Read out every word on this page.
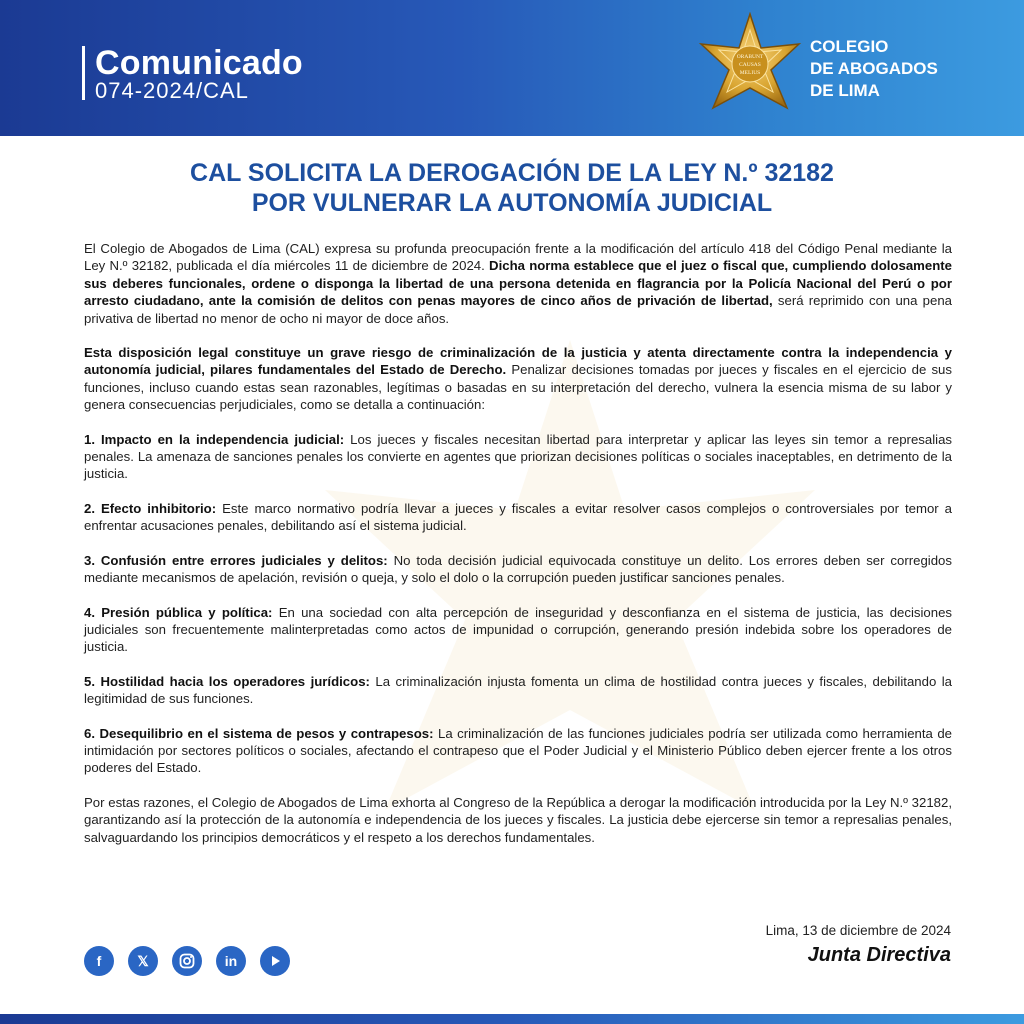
Comunicado
074-2024/CAL
ORABUNT
CAUSAS
MELIUS
COLEGIO
DE ABOGADOS
DE LIMA
CAL SOLICITA LA DEROGACIÓN DE LA LEY N.º 32182
POR VULNERAR LA AUTONOMÍA JUDICIAL

El Colegio de Abogados de Lima (CAL) expresa su profunda preocupación frente a la modificación del artículo 418 del Código Penal mediante la Ley N.º 32182, publicada el día miércoles 11 de diciembre de 2024. Dicha norma establece que el juez o fiscal que, cumpliendo dolosamente sus deberes funcionales, ordene o disponga la libertad de una persona detenida en flagrancia por la Policía Nacional del Perú o por arresto ciudadano, ante la comisión de delitos con penas mayores de cinco años de privación de libertad, será reprimido con una pena privativa de libertad no menor de ocho ni mayor de doce años.

Esta disposición legal constituye un grave riesgo de criminalización de la justicia y atenta directamente contra la independencia y autonomía judicial, pilares fundamentales del Estado de Derecho. Penalizar decisiones tomadas por jueces y fiscales en el ejercicio de sus funciones, incluso cuando estas sean razonables, legítimas o basadas en su interpretación del derecho, vulnera la esencia misma de su labor y genera consecuencias perjudiciales, como se detalla a continuación:

1. Impacto en la independencia judicial: Los jueces y fiscales necesitan libertad para interpretar y aplicar las leyes sin temor a represalias penales. La amenaza de sanciones penales los convierte en agentes que priorizan decisiones políticas o sociales inaceptables, en detrimento de la justicia.

2. Efecto inhibitorio: Este marco normativo podría llevar a jueces y fiscales a evitar resolver casos complejos o controversiales por temor a enfrentar acusaciones penales, debilitando así el sistema judicial.

3. Confusión entre errores judiciales y delitos: No toda decisión judicial equivocada constituye un delito. Los errores deben ser corregidos mediante mecanismos de apelación, revisión o queja, y solo el dolo o la corrupción pueden justificar sanciones penales.

4. Presión pública y política: En una sociedad con alta percepción de inseguridad y desconfianza en el sistema de justicia, las decisiones judiciales son frecuentemente malinterpretadas como actos de impunidad o corrupción, generando presión indebida sobre los operadores de justicia.

5. Hostilidad hacia los operadores jurídicos: La criminalización injusta fomenta un clima de hostilidad contra jueces y fiscales, debilitando la legitimidad de sus funciones.

6. Desequilibrio en el sistema de pesos y contrapesos: La criminalización de las funciones judiciales podría ser utilizada como herramienta de intimidación por sectores políticos o sociales, afectando el contrapeso que el Poder Judicial y el Ministerio Público deben ejercer frente a los otros poderes del Estado.

Por estas razones, el Colegio de Abogados de Lima exhorta al Congreso de la República a derogar la modificación introducida por la Ley N.º 32182, garantizando así la protección de la autonomía e independencia de los jueces y fiscales. La justicia debe ejercerse sin temor a represalias penales, salvaguardando los principios democráticos y el respeto a los derechos fundamentales.

f	𝕏	in
Lima, 13 de diciembre de 2024
Junta Directiva
